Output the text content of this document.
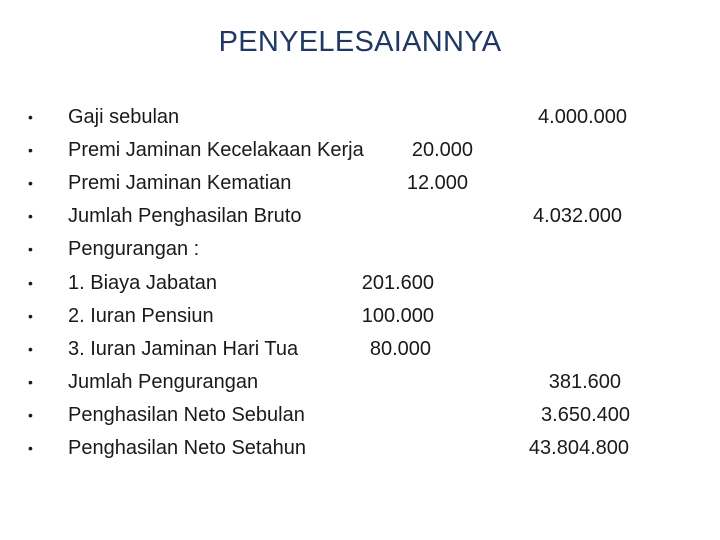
PENYELESAIANNYA
• Gaji sebulan	4.000.000
• Premi Jaminan Kecelakaan Kerja 20.000
• Premi Jaminan Kematian	12.000
• Jumlah Penghasilan Bruto	4.032.000
• Pengurangan :
• 1. Biaya Jabatan	201.600
• 2. Iuran Pensiun	100.000
• 3. Iuran Jaminan Hari Tua	80.000
• Jumlah Pengurangan	381.600
• Penghasilan Neto Sebulan	3.650.400
• Penghasilan Neto Setahun	43.804.800
